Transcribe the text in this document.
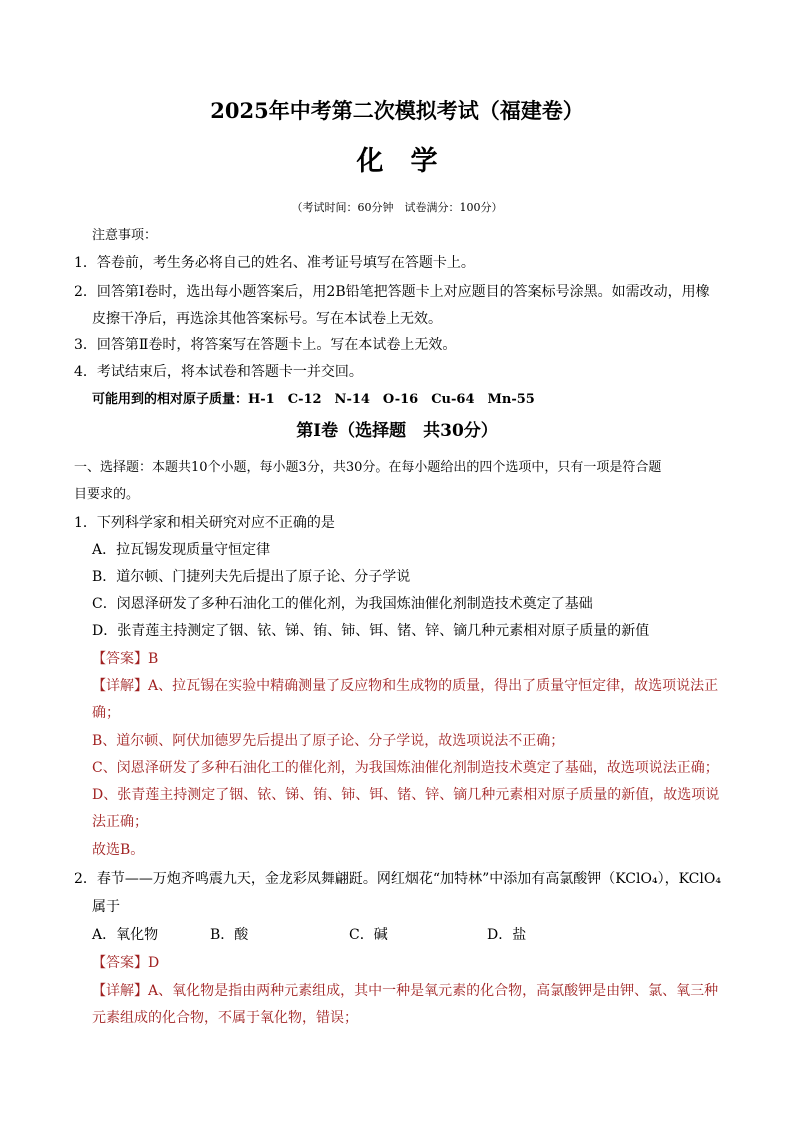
2025年中考第二次模拟考试（福建卷）
化　学
（考试时间：60分钟　试卷满分：100分）
注意事项：
1．答卷前，考生务必将自己的姓名、准考证号填写在答题卡上。
2．回答第Ⅰ卷时，选出每小题答案后，用2B铅笔把答题卡上对应题目的答案标号涂黑。如需改动，用橡
皮擦干净后，再选涂其他答案标号。写在本试卷上无效。
3．回答第Ⅱ卷时，将答案写在答题卡上。写在本试卷上无效。
4．考试结束后，将本试卷和答题卡一并交回。
可能用到的相对原子质量：H-1　C-12　N-14　O-16　Cu-64　Mn-55
第Ⅰ卷（选择题　共30分）
一、选择题：本题共10个小题，每小题3分，共30分。在每小题给出的四个选项中，只有一项是符合题
目要求的。
1．下列科学家和相关研究对应不正确的是
A．拉瓦锡发现质量守恒定律
B．道尔顿、门捷列夫先后提出了原子论、分子学说
C．闵恩泽研发了多种石油化工的催化剂，为我国炼油催化剂制造技术奠定了基础
D．张青莲主持测定了铟、铱、锑、铕、铈、铒、锗、锌、镝几种元素相对原子质量的新值
【答案】B
【详解】A、拉瓦锡在实验中精确测量了反应物和生成物的质量，得出了质量守恒定律，故选项说法正
确；
B、道尔顿、阿伏加德罗先后提出了原子论、分子学说，故选项说法不正确；
C、闵恩泽研发了多种石油化工的催化剂，为我国炼油催化剂制造技术奠定了基础，故选项说法正确；
D、张青莲主持测定了铟、铱、锑、铕、铈、铒、锗、锌、镝几种元素相对原子质量的新值，故选项说
法正确；
故选B。
2．春节——万炮齐鸣震九天，金龙彩凤舞翩跹。网红烟花“加特林”中添加有高氯酸钾（KClO₄），KClO₄
属于
A．氧化物	B．酸	C．碱	D．盐
【答案】D
【详解】A、氧化物是指由两种元素组成，其中一种是氧元素的化合物，高氯酸钾是由钾、氯、氧三种
元素组成的化合物，不属于氧化物，错误；
